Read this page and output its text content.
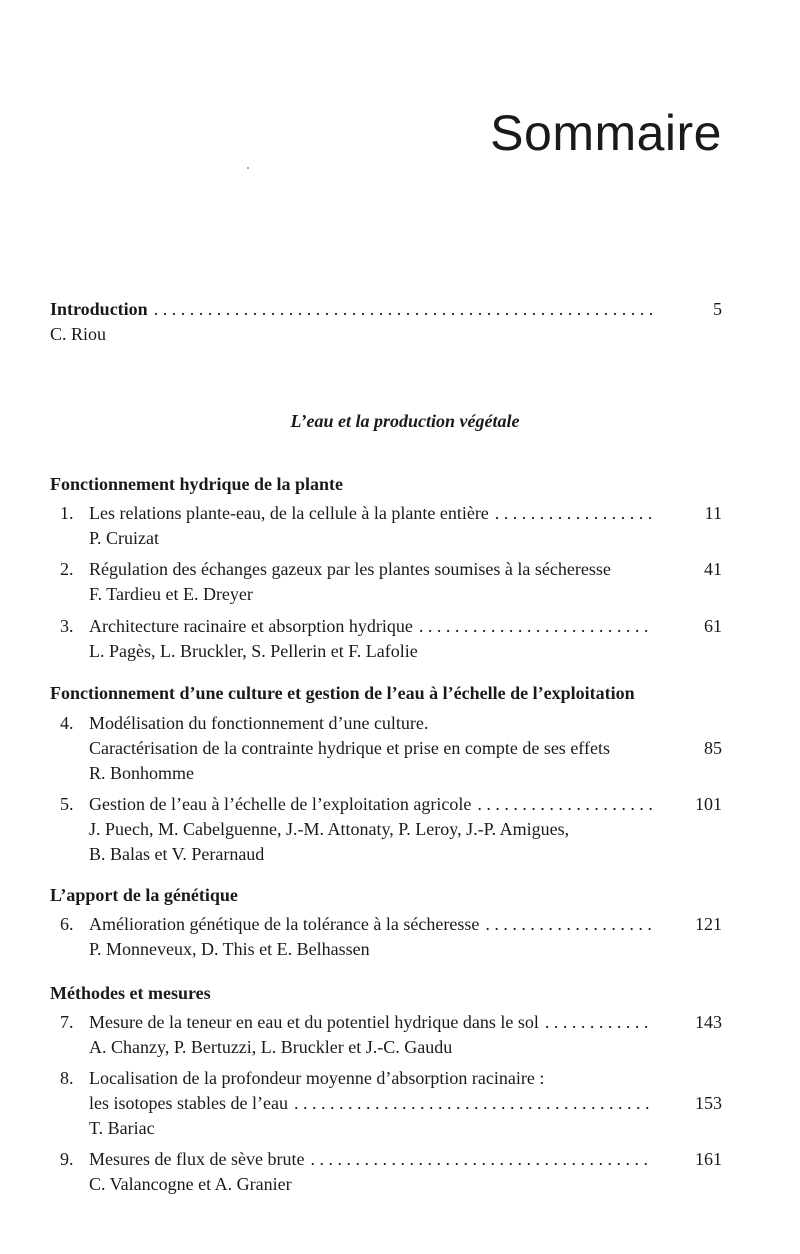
Sommaire
Introduction . . .	5
C. Riou
L’eau et la production végétale
Fonctionnement hydrique de la plante
1. Les relations plante-eau, de la cellule à la plante entière . . .	11
P. Cruizat
2. Régulation des échanges gazeux par les plantes soumises à la sécheresse	41
F. Tardieu et E. Dreyer
3. Architecture racinaire et absorption hydrique . . .	61
L. Pagès, L. Bruckler, S. Pellerin et F. Lafolie
Fonctionnement d’une culture et gestion de l’eau à l’échelle de l’exploitation
4. Modélisation du fonctionnement d’une culture.
Caractérisation de la contrainte hydrique et prise en compte de ses effets	85
R. Bonhomme
5. Gestion de l’eau à l’échelle de l’exploitation agricole . . .	101
J. Puech, M. Cabelguenne, J.-M. Attonaty, P. Leroy, J.-P. Amigues,
B. Balas et V. Perarnaud
L’apport de la génétique
6. Amélioration génétique de la tolérance à la sécheresse . . .	121
P. Monneveux, D. This et E. Belhassen
Méthodes et mesures
7. Mesure de la teneur en eau et du potentiel hydrique dans le sol . . .	143
A. Chanzy, P. Bertuzzi, L. Bruckler et J.-C. Gaudu
8. Localisation de la profondeur moyenne d’absorption racinaire :
les isotopes stables de l’eau . . .	153
T. Bariac
9. Mesures de flux de sève brute . . .	161
C. Valancogne et A. Granier
